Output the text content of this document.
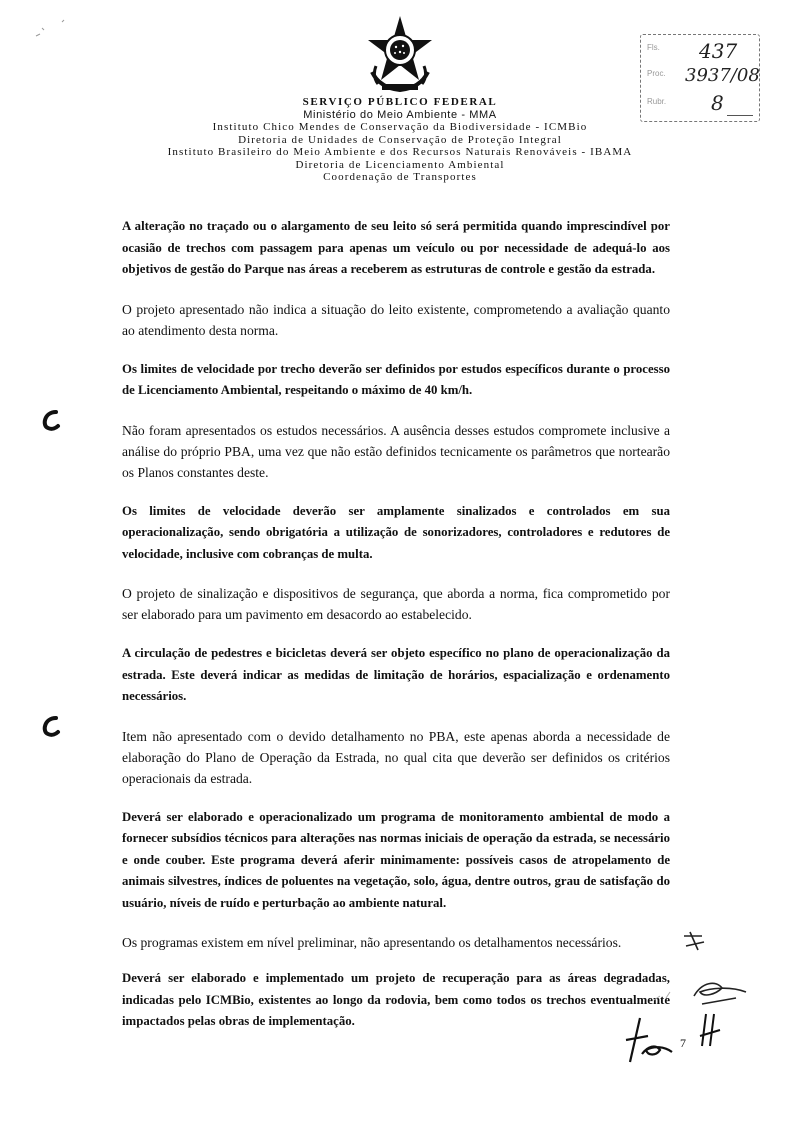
SERVIÇO PÚBLICO FEDERAL
Ministério do Meio Ambiente - MMA
Instituto Chico Mendes de Conservação da Biodiversidade - ICMBio
Diretoria de Unidades de Conservação de Proteção Integral
Instituto Brasileiro do Meio Ambiente e dos Recursos Naturais Renováveis - IBAMA
Diretoria de Licenciamento Ambiental
Coordenação de Transportes
Fls. 437
Proc. 3937/08
Rubr. 8

A alteração no traçado ou o alargamento de seu leito só será permitida quando imprescindível por ocasião de trechos com passagem para apenas um veículo ou por necessidade de adequá-lo aos objetivos de gestão do Parque nas áreas a receberem as estruturas de controle e gestão da estrada.

O projeto apresentado não indica a situação do leito existente, comprometendo a avaliação quanto ao atendimento desta norma.

Os limites de velocidade por trecho deverão ser definidos por estudos específicos durante o processo de Licenciamento Ambiental, respeitando o máximo de 40 km/h.

Não foram apresentados os estudos necessários. A ausência desses estudos compromete inclusive a análise do próprio PBA, uma vez que não estão definidos tecnicamente os parâmetros que nortearão os Planos constantes deste.

Os limites de velocidade deverão ser amplamente sinalizados e controlados em sua operacionalização, sendo obrigatória a utilização de sonorizadores, controladores e redutores de velocidade, inclusive com cobranças de multa.

O projeto de sinalização e dispositivos de segurança, que aborda a norma, fica comprometido por ser elaborado para um pavimento em desacordo ao estabelecido.

A circulação de pedestres e bicicletas deverá ser objeto específico no plano de operacionalização da estrada. Este deverá indicar as medidas de limitação de horários, espacialização e ordenamento necessários.

Item não apresentado com o devido detalhamento no PBA, este apenas aborda a necessidade de elaboração do Plano de Operação da Estrada, no qual cita que deverão ser definidos os critérios operacionais da estrada.

Deverá ser elaborado e operacionalizado um programa de monitoramento ambiental de modo a fornecer subsídios técnicos para alterações nas normas iniciais de operação da estrada, se necessário e onde couber. Este programa deverá aferir minimamente: possíveis casos de atropelamento de animais silvestres, índices de poluentes na vegetação, solo, água, dentre outros, grau de satisfação do usuário, níveis de ruído e perturbação ao ambiente natural.

Os programas existem em nível preliminar, não apresentando os detalhamentos necessários.

Deverá ser elaborado e implementado um projeto de recuperação para as áreas degradadas, indicadas pelo ICMBio, existentes ao longo da rodovia, bem como todos os trechos eventualmente impactados pelas obras de implementação.

7
